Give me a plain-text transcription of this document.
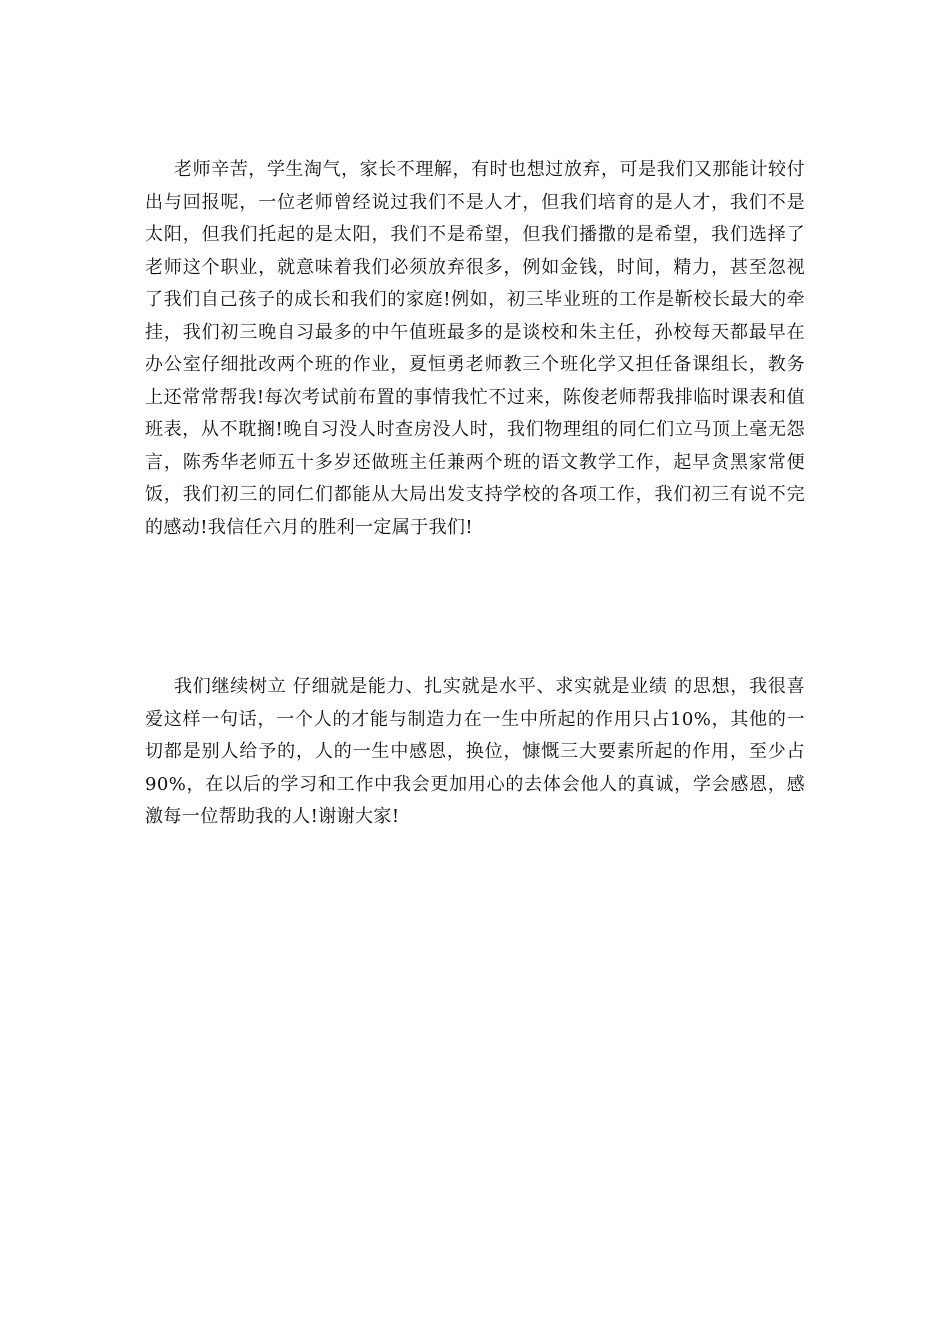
老师辛苦，学生淘气，家长不理解，有时也想过放弃，可是我们又那能计较付出与回报呢，一位老师曾经说过我们不是人才，但我们培育的是人才，我们不是太阳，但我们托起的是太阳，我们不是希望，但我们播撒的是希望，我们选择了老师这个职业，就意味着我们必须放弃很多，例如金钱，时间，精力，甚至忽视了我们自己孩子的成长和我们的家庭!例如，初三毕业班的工作是靳校长最大的牵挂，我们初三晚自习最多的中午值班最多的是谈校和朱主任，孙校每天都最早在办公室仔细批改两个班的作业，夏恒勇老师教三个班化学又担任备课组长，教务上还常常帮我!每次考试前布置的事情我忙不过来，陈俊老师帮我排临时课表和值班表，从不耽搁!晚自习没人时查房没人时，我们物理组的同仁们立马顶上毫无怨言，陈秀华老师五十多岁还做班主任兼两个班的语文教学工作，起早贪黑家常便饭，我们初三的同仁们都能从大局出发支持学校的各项工作，我们初三有说不完的感动!我信任六月的胜利一定属于我们!

我们继续树立 仔细就是能力、扎实就是水平、求实就是业绩 的思想，我很喜爱这样一句话，一个人的才能与制造力在一生中所起的作用只占10%，其他的一切都是别人给予的，人的一生中感恩，换位，慷慨三大要素所起的作用，至少占90%，在以后的学习和工作中我会更加用心的去体会他人的真诚，学会感恩，感激每一位帮助我的人!谢谢大家!
